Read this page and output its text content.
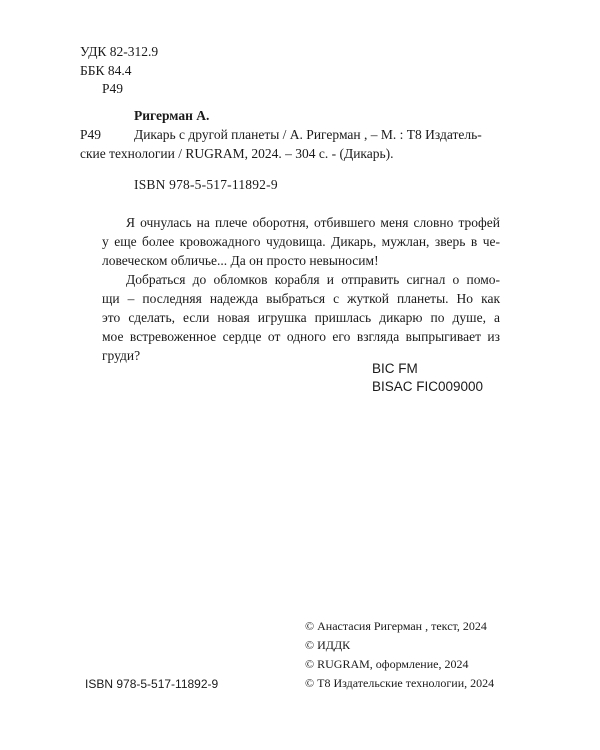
УДК 82-312.9
ББК 84.4
Р49
Ригерман А.
Р49 Дикарь с другой планеты / А. Ригерман , – М. : Т8 Издатель-
ские технологии / RUGRAM, 2024. – 304 с. - (Дикарь).
ISBN 978-5-517-11892-9
Я очнулась на плече оборотня, отбившего меня словно трофей
у еще более кровожадного чудовища. Дикарь, мужлан, зверь в че-
ловеческом обличье... Да он просто невыносим!
Добраться до обломков корабля и отправить сигнал о помо-
щи – последняя надежда выбраться с жуткой планеты. Но как
это сделать, если новая игрушка пришлась дикарю по душе, а
мое встревоженное сердце от одного его взгляда выпрыгивает из
груди?
BIC FM
BISAC FIC009000
ISBN 978-5-517-11892-9
© Анастасия Ригерман , текст, 2024
© ИДДК
© RUGRAM, оформление, 2024
© Т8 Издательские технологии, 2024
